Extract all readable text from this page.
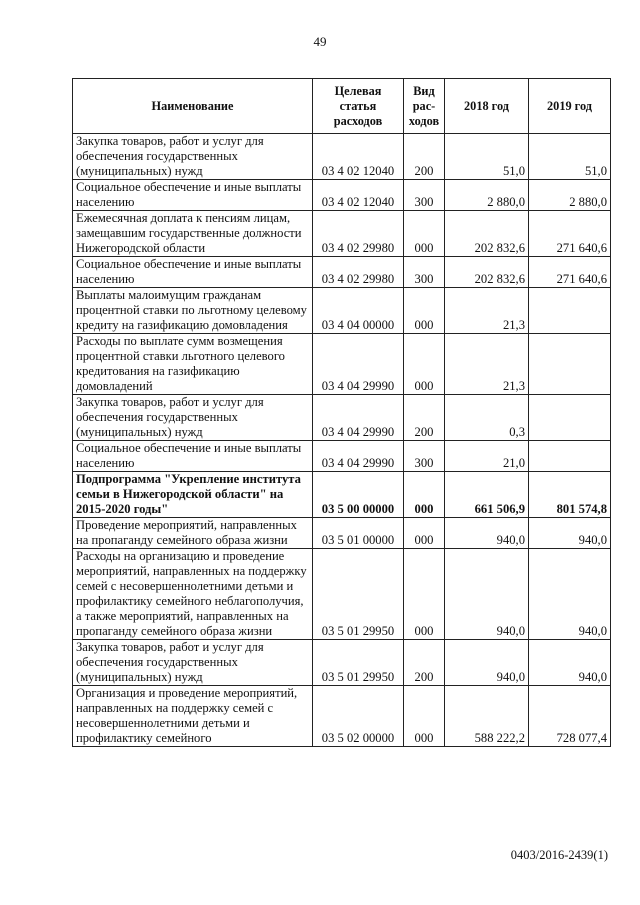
49
Наименование	Целевая статья расходов	Вид рас-ходов	2018 год	2019 год
Закупка товаров, работ и услуг для обеспечения государственных (муниципальных) нужд	03 4 02 12040	200	51,0	51,0
Социальное обеспечение и иные выплаты населению	03 4 02 12040	300	2 880,0	2 880,0
Ежемесячная доплата к пенсиям лицам, замещавшим государственные должности Нижегородской области	03 4 02 29980	000	202 832,6	271 640,6
Социальное обеспечение и иные выплаты населению	03 4 02 29980	300	202 832,6	271 640,6
Выплаты малоимущим гражданам процентной ставки по льготному целевому кредиту на газификацию домовладения	03 4 04 00000	000	21,3	
Расходы по выплате сумм возмещения процентной ставки льготного целевого кредитования на газификацию домовладений	03 4 04 29990	000	21,3	
Закупка товаров, работ и услуг для обеспечения государственных (муниципальных) нужд	03 4 04 29990	200	0,3	
Социальное обеспечение и иные выплаты населению	03 4 04 29990	300	21,0	
Подпрограмма "Укрепление института семьи в Нижегородской области" на 2015-2020 годы"	03 5 00 00000	000	661 506,9	801 574,8
Проведение мероприятий, направленных на пропаганду семейного образа жизни	03 5 01 00000	000	940,0	940,0
Расходы на организацию и проведение мероприятий, направленных на поддержку семей с несовершеннолетними детьми и профилактику семейного неблагополучия, а также мероприятий, направленных на пропаганду семейного образа жизни	03 5 01 29950	000	940,0	940,0
Закупка товаров, работ и услуг для обеспечения государственных (муниципальных) нужд	03 5 01 29950	200	940,0	940,0
Организация и проведение мероприятий, направленных на поддержку семей с несовершеннолетними детьми и профилактику семейного	03 5 02 00000	000	588 222,2	728 077,4
0403/2016-2439(1)
